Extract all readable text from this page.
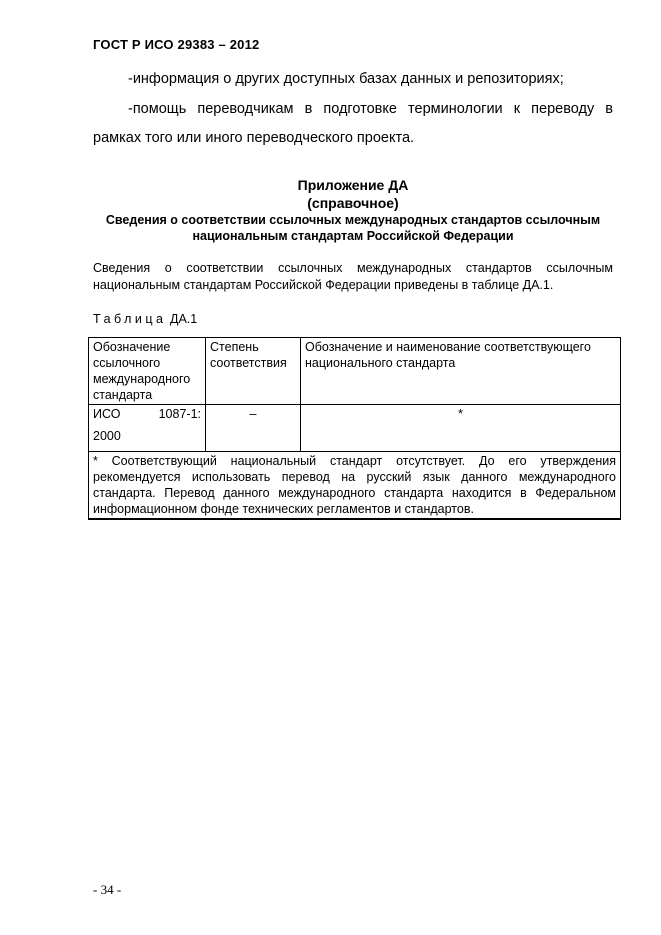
ГОСТ Р ИСО 29383 – 2012
-информация о других доступных базах данных и репозиториях;
-помощь переводчикам в подготовке терминологии к переводу в рамках того или иного переводческого проекта.
Приложение ДА
(справочное)
Сведения о соответствии ссылочных международных стандартов ссылочным национальным стандартам Российской Федерации
Сведения о соответствии ссылочных международных стандартов ссылочным национальным стандартам Российской Федерации приведены в таблице ДА.1.
Таблица ДА.1
Обозначение ссылочного международного стандарта	Степень соответствия	Обозначение и наименование соответствующего национального стандарта

ИСО 1087-1:
2000	–	*
* Соответствующий национальный стандарт отсутствует. До его утверждения рекомендуется использовать перевод на русский язык данного международного стандарта. Перевод данного международного стандарта находится в Федеральном информационном фонде технических регламентов и стандартов.		
- 34 -
